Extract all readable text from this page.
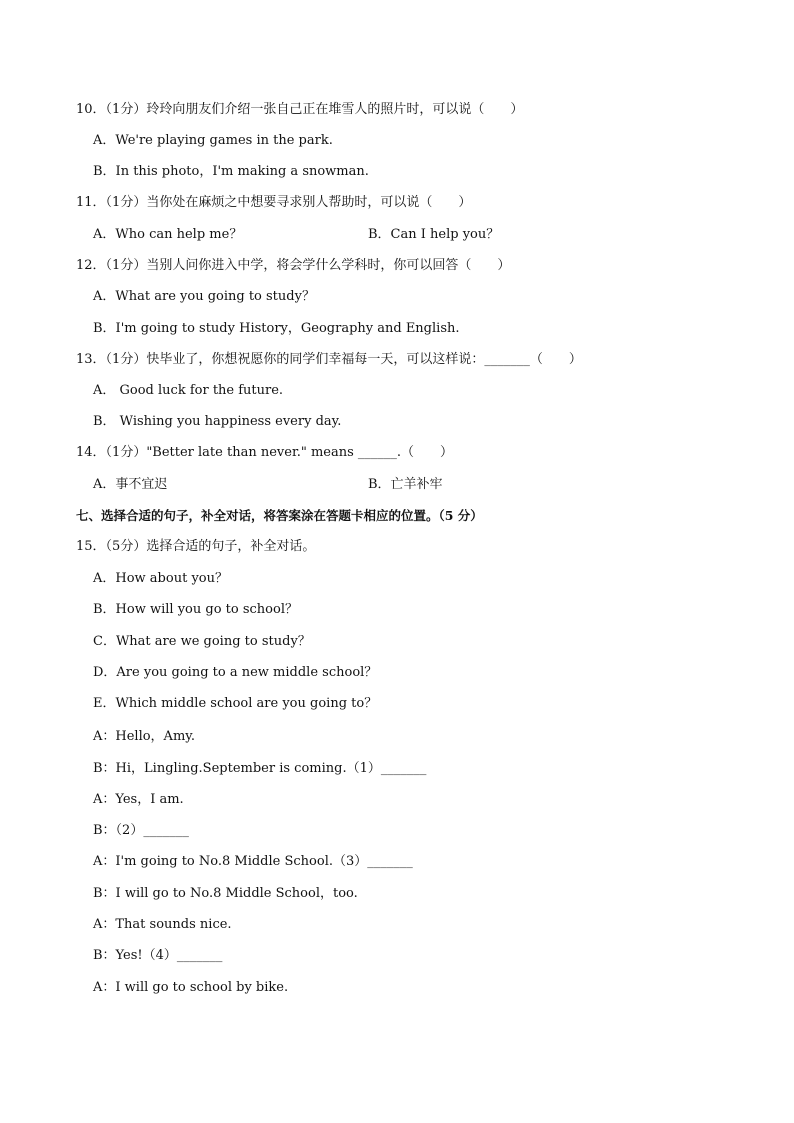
10．（1分）玲玲向朋友们介绍一张自己正在堆雪人的照片时，可以说（　　）
A．We're playing games in the park.
B．In this photo，I'm making a snowman.
11．（1分）当你处在麻烦之中想要寻求别人帮助时，可以说（　　）
A．Who can help me？	B．Can I help you？
12．（1分）当别人问你进入中学，将会学什么学科时，你可以回答（　　）
A．What are you going to study？
B．I'm going to study History，Geography and English.
13．（1分）快毕业了，你想祝愿你的同学们幸福每一天，可以这样说：_______（　　）
A． Good luck for the future.
B． Wishing you happiness every day.
14．（1分）"Better late than never." means ______.（　　）
A．事不宜迟	B．亡羊补牢
七、选择合适的句子，补全对话，将答案涂在答题卡相应的位置。（5 分）
15．（5分）选择合适的句子，补全对话。
A．How about you？
B．How will you go to school？
C．What are we going to study？
D．Are you going to a new middle school？
E．Which middle school are you going to？
A：Hello，Amy.
B：Hi，Lingling.September is coming.（1）_______
A：Yes，I am.
B：（2）_______
A：I'm going to No.8 Middle School.（3）_______
B：I will go to No.8 Middle School，too.
A：That sounds nice.
B：Yes!（4）_______
A：I will go to school by bike.
